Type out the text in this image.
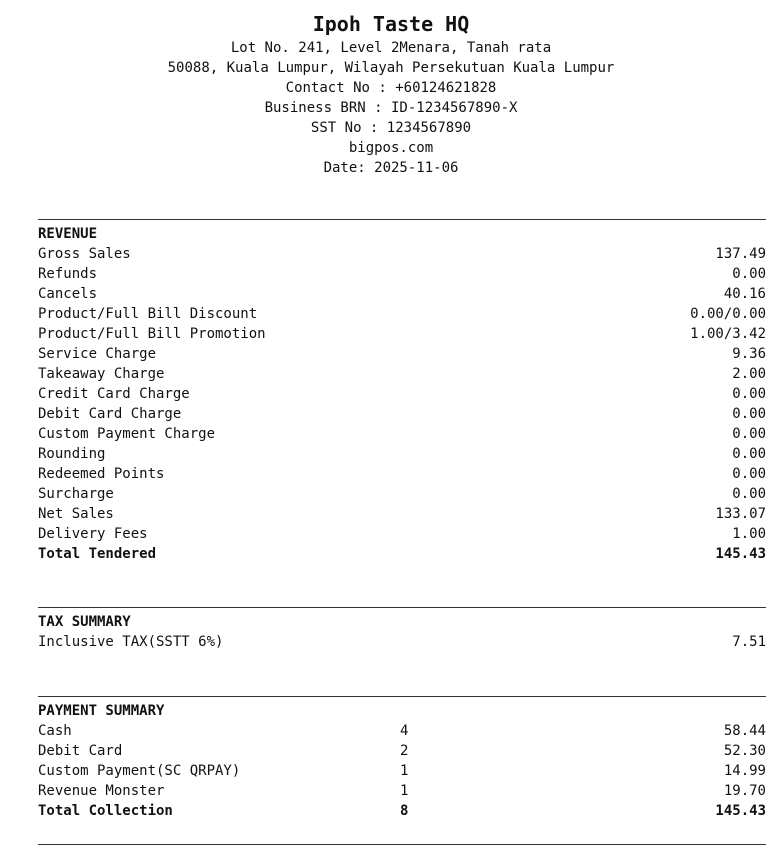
Ipoh Taste HQ
Lot No. 241, Level 2Menara, Tanah rata
50088, Kuala Lumpur, Wilayah Persekutuan Kuala Lumpur
Contact No : +60124621828
Business BRN : ID-1234567890-X
SST No : 1234567890
bigpos.com
Date: 2025-11-06
REVENUE
Gross Sales	137.49
Refunds	0.00
Cancels	40.16
Product/Full Bill Discount	0.00/0.00
Product/Full Bill Promotion	1.00/3.42
Service Charge	9.36
Takeaway Charge	2.00
Credit Card Charge	0.00
Debit Card Charge	0.00
Custom Payment Charge	0.00
Rounding	0.00
Redeemed Points	0.00
Surcharge	0.00
Net Sales	133.07
Delivery Fees	1.00
Total Tendered	145.43
TAX SUMMARY
Inclusive TAX(SSTT 6%)	7.51
PAYMENT SUMMARY
Cash	4	58.44
Debit Card	2	52.30
Custom Payment(SC QRPAY)	1	14.99
Revenue Monster	1	19.70
Total Collection	8	145.43
